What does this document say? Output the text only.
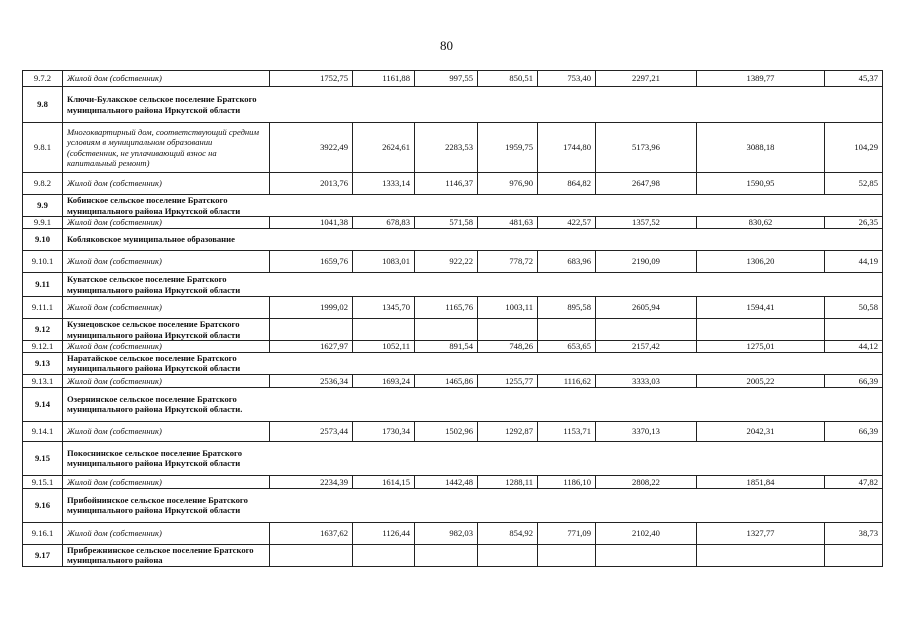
80
9.7.2	Жилой дом (собственник)	1752,75	1161,88	997,55	850,51	753,40	2297,21	1389,77	45,37
9.8	Ключи-Булакское сельское поселение Братского муниципального района Иркутской области								

9.8.1	Многоквартирный дом, соответствующий средним условиям в муниципальном образовании (собственник, не уплачивающий взнос на капитальный ремонт)	3922,49	2624,61	2283,53	1959,75	1744,80	5173,96	3088,18	104,29
9.8.2	Жилой дом (собственник)	2013,76	1333,14	1146,37	976,90	864,82	2647,98	1590,95	52,85
9.9	Кобинское сельское поселение Братского муниципального района Иркутской области								

9.9.1	Жилой дом (собственник)	1041,38	678,83	571,58	481,63	422,57	1357,52	830,62	26,35
9.10	Кобляковское муниципальное образование								

9.10.1	Жилой дом (собственник)	1659,76	1083,01	922,22	778,72	683,96	2190,09	1306,20	44,19
9.11	Куватское сельское поселение Братского муниципального района Иркутской области								

9.11.1	Жилой дом (собственник)	1999,02	1345,70	1165,76	1003,11	895,58	2605,94	1594,41	50,58
9.12	Кузнецовское сельское поселение Братского муниципального района Иркутской области								

9.12.1	Жилой дом (собственник)	1627,97	1052,11	891,54	748,26	653,65	2157,42	1275,01	44,12
9.13	Наратайское сельское поселение Братского муниципального района Иркутской области								

9.13.1	Жилой дом (собственник)	2536,34	1693,24	1465,86	1255,77	1116,62	3333,03	2005,22	66,39
9.14	Озернинское сельское поселение Братского муниципального района Иркутской области.								

9.14.1	Жилой дом (собственник)	2573,44	1730,34	1502,96	1292,87	1153,71	3370,13	2042,31	66,39
9.15	Покоснинское сельское поселение Братского муниципального района Иркутской области								

9.15.1	Жилой дом (собственник)	2234,39	1614,15	1442,48	1288,11	1186,10	2808,22	1851,84	47,82
9.16	Прибойнинское сельское поселение Братского муниципального района Иркутской области								

9.16.1	Жилой дом (собственник)	1637,62	1126,44	982,03	854,92	771,09	2102,40	1327,77	38,73
9.17	Прибрежнинское сельское поселение Братского муниципального района								
